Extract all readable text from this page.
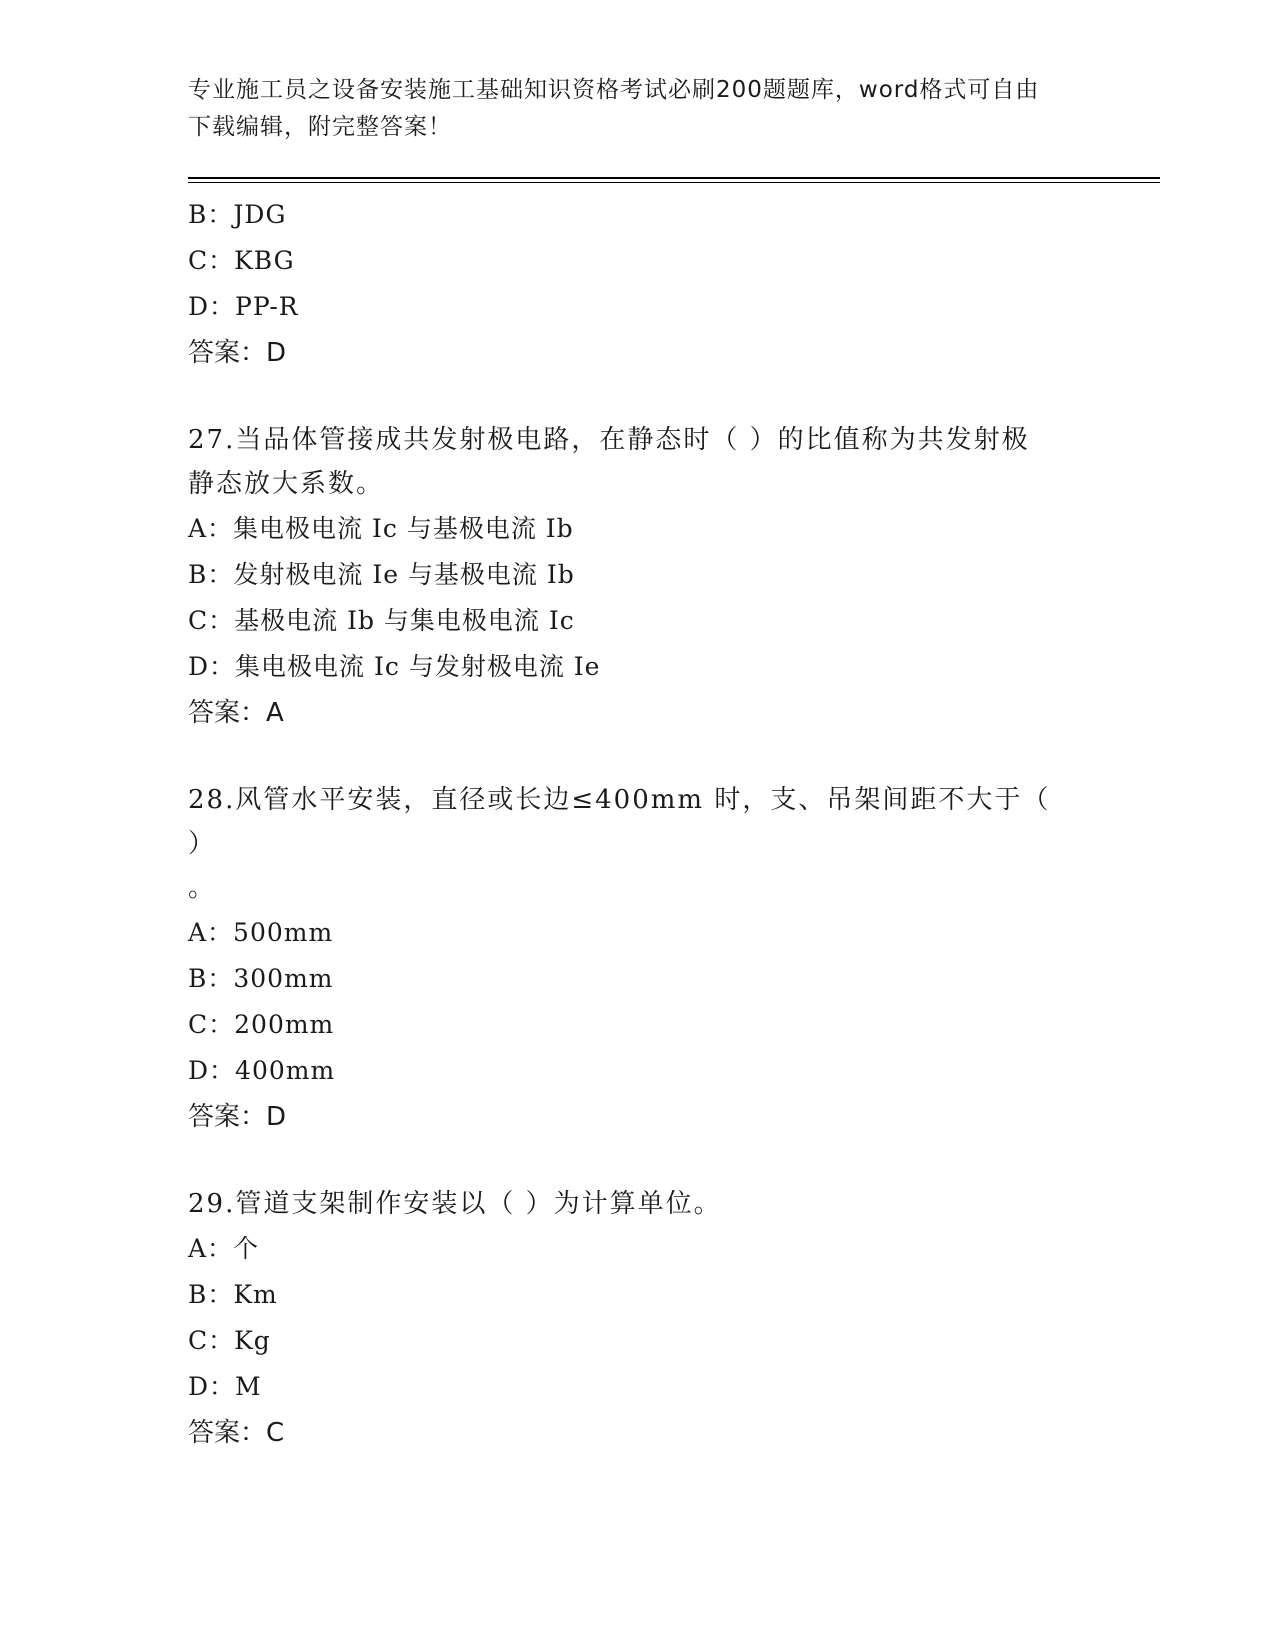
专业施工员之设备安装施工基础知识资格考试必刷200题题库，word格式可自由
下载编辑，附完整答案！
B：JDG
C：KBG
D：PP-R
答案：D
27.当品体管接成共发射极电路，在静态时（ ）的比值称为共发射极
静态放大系数。
A：集电极电流 Ic 与基极电流 Ib
B：发射极电流 Ie 与基极电流 Ib
C：基极电流 Ib 与集电极电流 Ic
D：集电极电流 Ic 与发射极电流 Ie
答案：A
28.风管水平安装，直径或长边≤400mm 时，支、吊架间距不大于（ ）
。
A：500mm
B：300mm
C：200mm
D：400mm
答案：D
29.管道支架制作安装以（ ）为计算单位。
A：个
B：Km
C：Kg
D：M
答案：C
